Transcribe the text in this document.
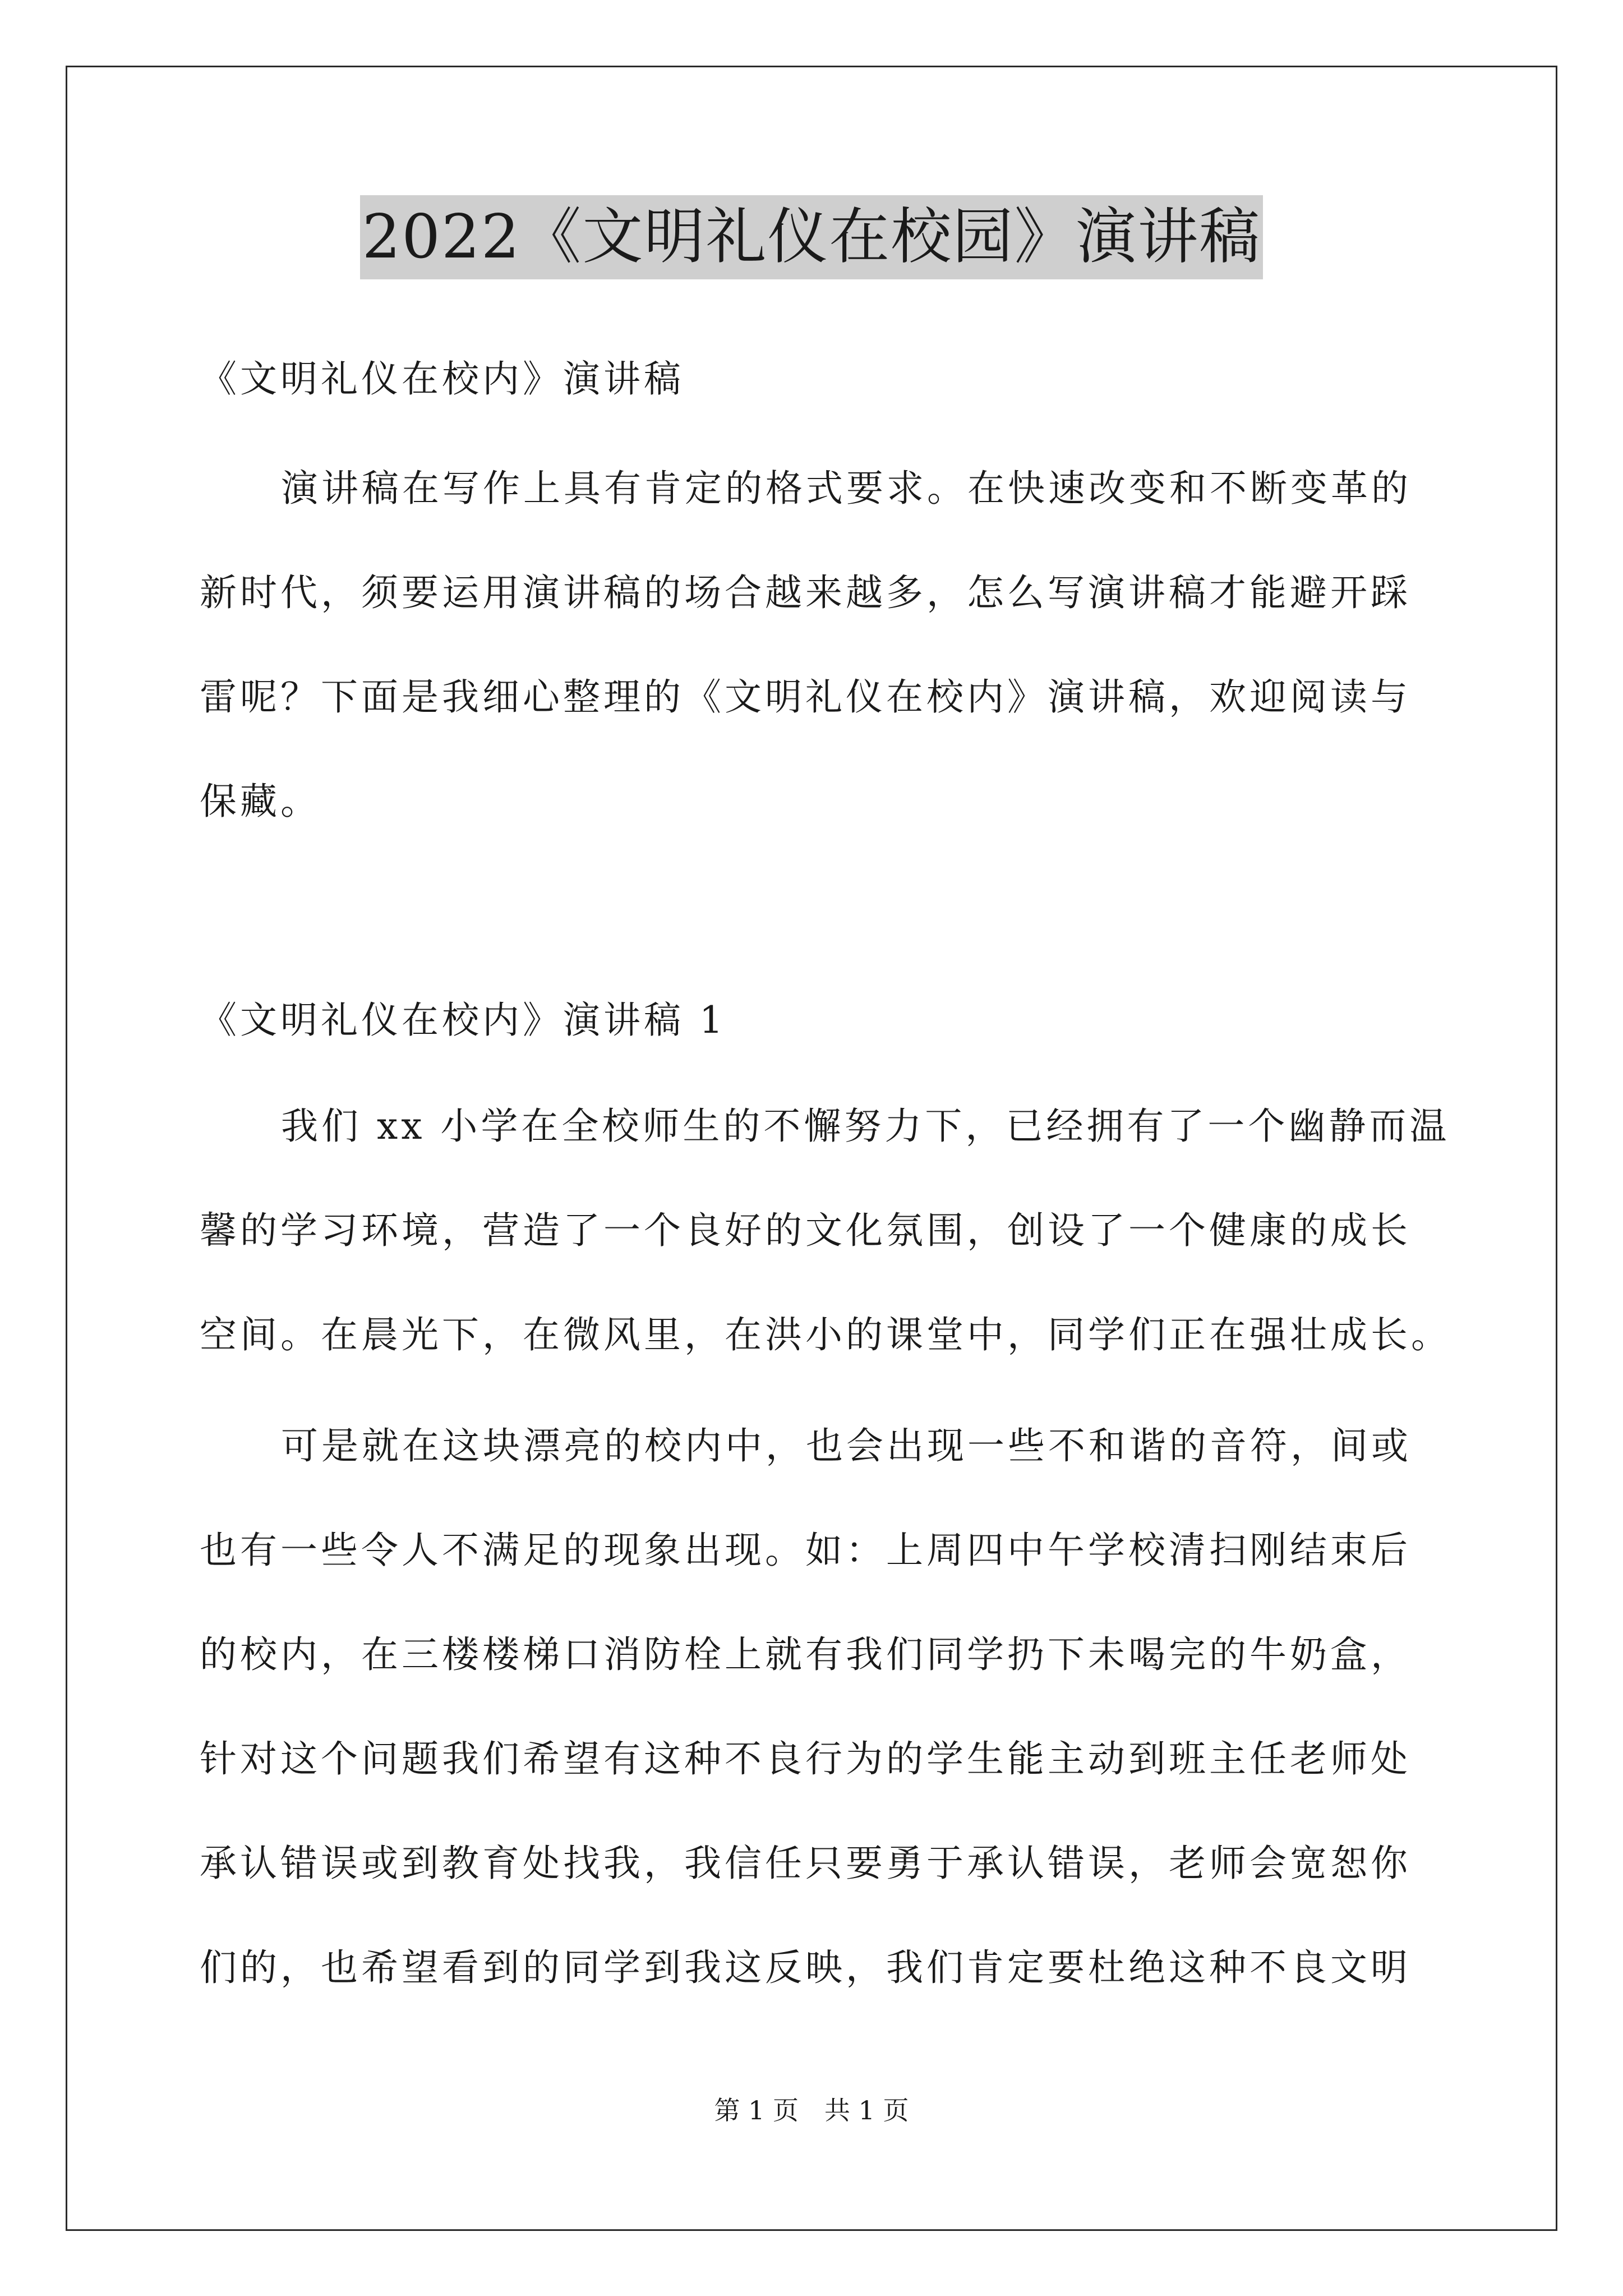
2022《文明礼仪在校园》演讲稿
《文明礼仪在校内》演讲稿
演讲稿在写作上具有肯定的格式要求。在快速改变和不断变革的
新时代，须要运用演讲稿的场合越来越多，怎么写演讲稿才能避开踩
雷呢？下面是我细心整理的《文明礼仪在校内》演讲稿，欢迎阅读与
保藏。
《文明礼仪在校内》演讲稿 1
我们 xx 小学在全校师生的不懈努力下，已经拥有了一个幽静而温
馨的学习环境，营造了一个良好的文化氛围，创设了一个健康的成长
空间。在晨光下，在微风里，在洪小的课堂中，同学们正在强壮成长。
可是就在这块漂亮的校内中，也会出现一些不和谐的音符，间或
也有一些令人不满足的现象出现。如：上周四中午学校清扫刚结束后
的校内，在三楼楼梯口消防栓上就有我们同学扔下未喝完的牛奶盒，
针对这个问题我们希望有这种不良行为的学生能主动到班主任老师处
承认错误或到教育处找我，我信任只要勇于承认错误，老师会宽恕你
们的，也希望看到的同学到我这反映，我们肯定要杜绝这种不良文明
第 1 页 共 1 页
